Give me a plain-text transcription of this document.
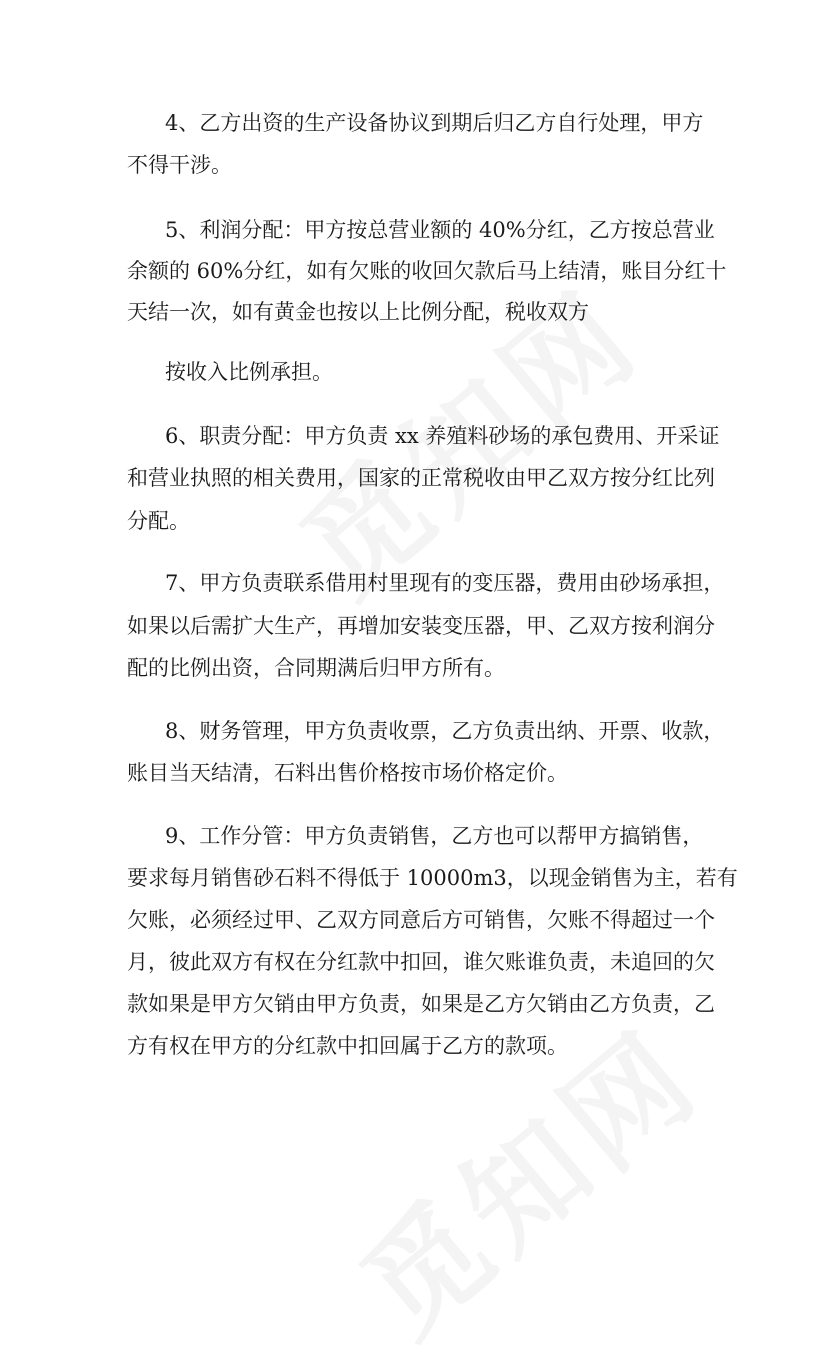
4、乙方出资的生产设备协议到期后归乙方自行处理，甲方
不得干涉。
5、利润分配：甲方按总营业额的 40%分红，乙方按总营业
余额的 60%分红，如有欠账的收回欠款后马上结清，账目分红十
天结一次，如有黄金也按以上比例分配，税收双方
按收入比例承担。
6、职责分配：甲方负责 xx 养殖料砂场的承包费用、开采证
和营业执照的相关费用，国家的正常税收由甲乙双方按分红比列
分配。
7、甲方负责联系借用村里现有的变压器，费用由砂场承担，
如果以后需扩大生产，再增加安装变压器，甲、乙双方按利润分
配的比例出资，合同期满后归甲方所有。
8、财务管理，甲方负责收票，乙方负责出纳、开票、收款，
账目当天结清，石料出售价格按市场价格定价。
9、工作分管：甲方负责销售，乙方也可以帮甲方搞销售，
要求每月销售砂石料不得低于 10000m3，以现金销售为主，若有
欠账，必须经过甲、乙双方同意后方可销售，欠账不得超过一个
月，彼此双方有权在分红款中扣回，谁欠账谁负责，未追回的欠
款如果是甲方欠销由甲方负责，如果是乙方欠销由乙方负责，乙
方有权在甲方的分红款中扣回属于乙方的款项。
